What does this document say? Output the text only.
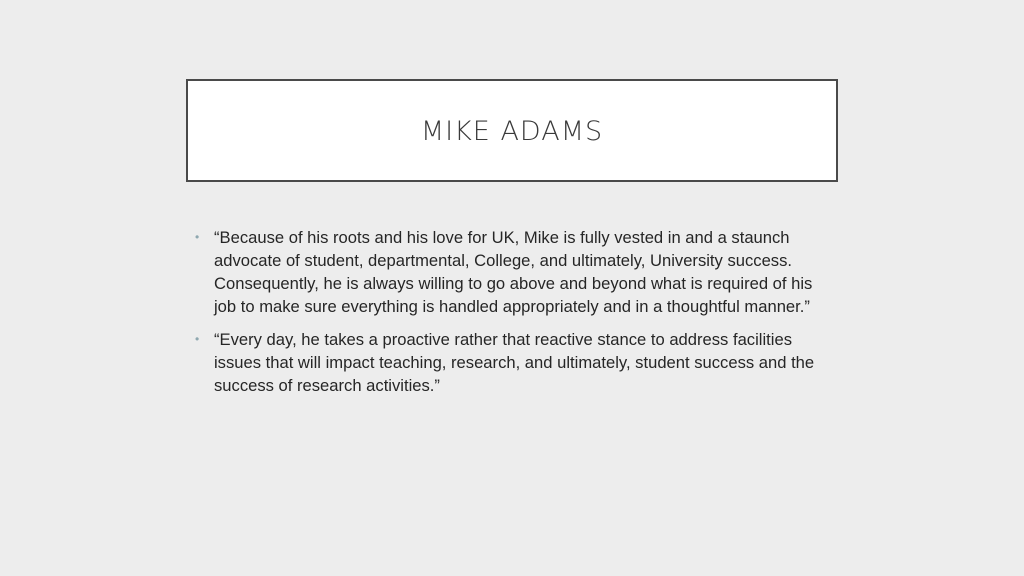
MIKE ADAMS
• “Because of his roots and his love for UK, Mike is fully vested in and a staunch advocate of student, departmental, College, and ultimately, University success. Consequently, he is always willing to go above and beyond what is required of his job to make sure everything is handled appropriately and in a thoughtful manner.”
• “Every day, he takes a proactive rather that reactive stance to address facilities issues that will impact teaching, research, and ultimately, student success and the success of research activities.”
